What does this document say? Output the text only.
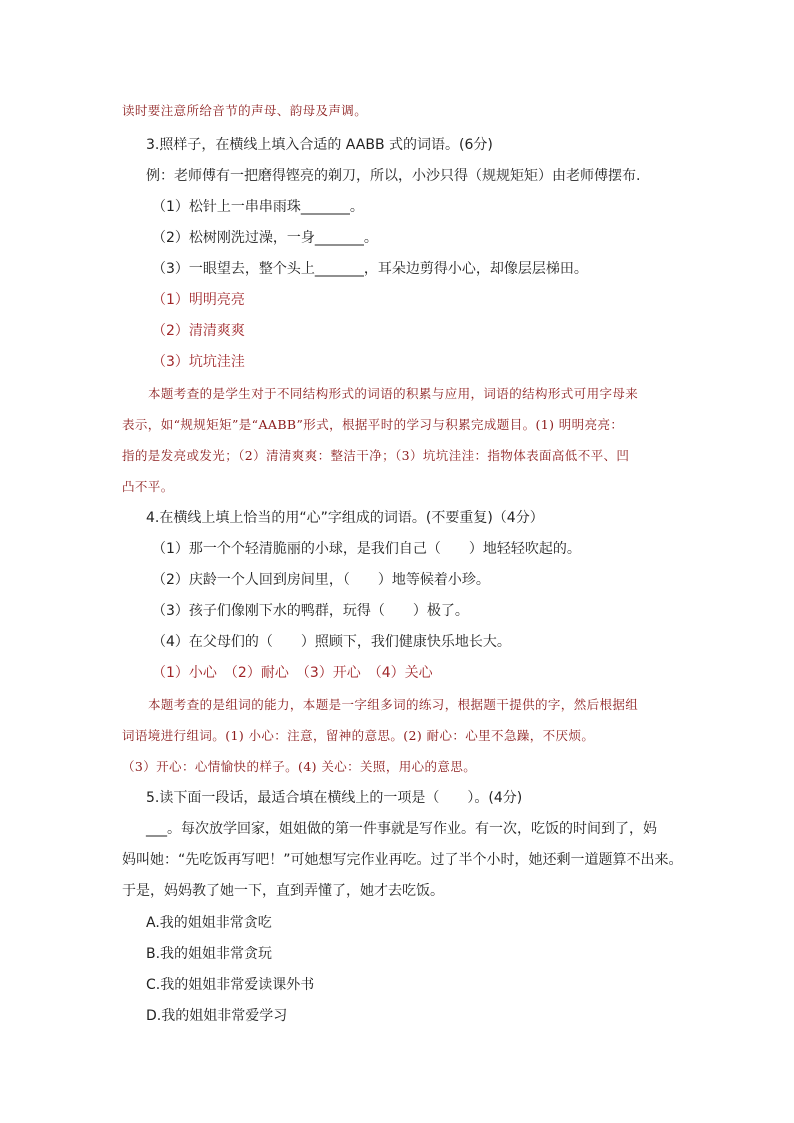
读时要注意所给音节的声母、韵母及声调。
3.照样子，在横线上填入合适的 AABB 式的词语。(6分)
例：老师傅有一把磨得铿亮的剃刀，所以，小沙只得（规规矩矩）由老师傅摆布.
（1）松针上一串串雨珠_______。
（2）松树刚洗过澡，一身_______。
（3）一眼望去，整个头上_______，耳朵边剪得小心，却像层层梯田。
（1）明明亮亮
（2）清清爽爽
（3）坑坑洼洼
本题考查的是学生对于不同结构形式的词语的积累与应用，词语的结构形式可用字母来
表示，如“规规矩矩”是“AABB”形式，根据平时的学习与积累完成题目。(1) 明明亮亮：
指的是发亮或发光；（2）清清爽爽：整洁干净；（3）坑坑洼洼：指物体表面高低不平、凹
凸不平。
4.在横线上填上恰当的用“心”字组成的词语。(不要重复)（4分）
（1）那一个个轻清脆丽的小球，是我们自己（　　）地轻轻吹起的。
（2）庆龄一个人回到房间里，（　　）地等候着小珍。
（3）孩子们像刚下水的鸭群，玩得（　　）极了。
（4）在父母们的（　　）照顾下，我们健康快乐地长大。
（1）小心　（2）耐心　（3）开心　（4）关心
本题考查的是组词的能力，本题是一字组多词的练习，根据题干提供的字，然后根据组
词语境进行组词。(1) 小心：注意，留神的意思。(2) 耐心：心里不急躁，不厌烦。
（3）开心：心情愉快的样子。(4) 关心：关照，用心的意思。
5.读下面一段话，最适合填在横线上的一项是（　　）。(4分)
___。每次放学回家，姐姐做的第一件事就是写作业。有一次，吃饭的时间到了，妈
妈叫她：“先吃饭再写吧！”可她想写完作业再吃。过了半个小时，她还剩一道题算不出来。
于是，妈妈教了她一下，直到弄懂了，她才去吃饭。
A.我的姐姐非常贪吃
B.我的姐姐非常贪玩
C.我的姐姐非常爱读课外书
D.我的姐姐非常爱学习
